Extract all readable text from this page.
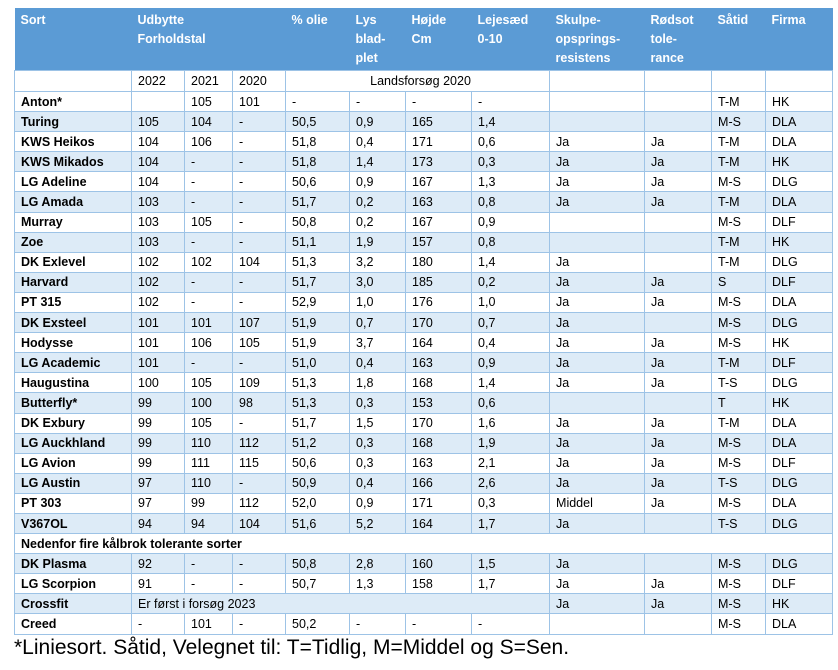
Sort	Udbytte Forholdstal			% olie	Lys blad-plet	Højde Cm	Lejesæd 0-10	Skulpe-opsprings-resistens	Rødsot tole-rance	Såtid	Firma
	2022	2021	2020	Landsforsøg 2020							
Anton*		105	101	-	-	-	-			T-M	HK
Turing	105	104	-	50,5	0,9	165	1,4			M-S	DLA
KWS Heikos	104	106	-	51,8	0,4	171	0,6	Ja	Ja	T-M	DLA
KWS Mikados	104	-	-	51,8	1,4	173	0,3	Ja	Ja	T-M	HK
LG Adeline	104	-	-	50,6	0,9	167	1,3	Ja	Ja	M-S	DLG
LG Amada	103	-	-	51,7	0,2	163	0,8	Ja	Ja	T-M	DLA
Murray	103	105	-	50,8	0,2	167	0,9			M-S	DLF
Zoe	103	-	-	51,1	1,9	157	0,8			T-M	HK
DK Exlevel	102	102	104	51,3	3,2	180	1,4	Ja		T-M	DLG
Harvard	102	-	-	51,7	3,0	185	0,2	Ja	Ja	S	DLF
PT 315	102	-	-	52,9	1,0	176	1,0	Ja	Ja	M-S	DLA
DK Exsteel	101	101	107	51,9	0,7	170	0,7	Ja		M-S	DLG
Hodysse	101	106	105	51,9	3,7	164	0,4	Ja	Ja	M-S	HK
LG Academic	101	-	-	51,0	0,4	163	0,9	Ja	Ja	T-M	DLF
Haugustina	100	105	109	51,3	1,8	168	1,4	Ja	Ja	T-S	DLG
Butterfly*	99	100	98	51,3	0,3	153	0,6			T	HK
DK Exbury	99	105	-	51,7	1,5	170	1,6	Ja	Ja	T-M	DLA
LG Auckhland	99	110	112	51,2	0,3	168	1,9	Ja	Ja	M-S	DLA
LG Avion	99	111	115	50,6	0,3	163	2,1	Ja	Ja	M-S	DLF
LG Austin	97	110	-	50,9	0,4	166	2,6	Ja	Ja	T-S	DLG
PT 303	97	99	112	52,0	0,9	171	0,3	Middel	Ja	M-S	DLA
V367OL	94	94	104	51,6	5,2	164	1,7	Ja		T-S	DLG
Nedenfor fire kålbrok tolerante sorter											
DK Plasma	92	-	-	50,8	2,8	160	1,5	Ja		M-S	DLG
LG Scorpion	91	-	-	50,7	1,3	158	1,7	Ja	Ja	M-S	DLF
Crossfit	Er først i forsøg 2023							Ja	Ja	M-S	HK
Creed	-	101	-	50,2	-	-	-			M-S	DLA
*Liniesort. Såtid, Velegnet til: T=Tidlig, M=Middel og S=Sen.
